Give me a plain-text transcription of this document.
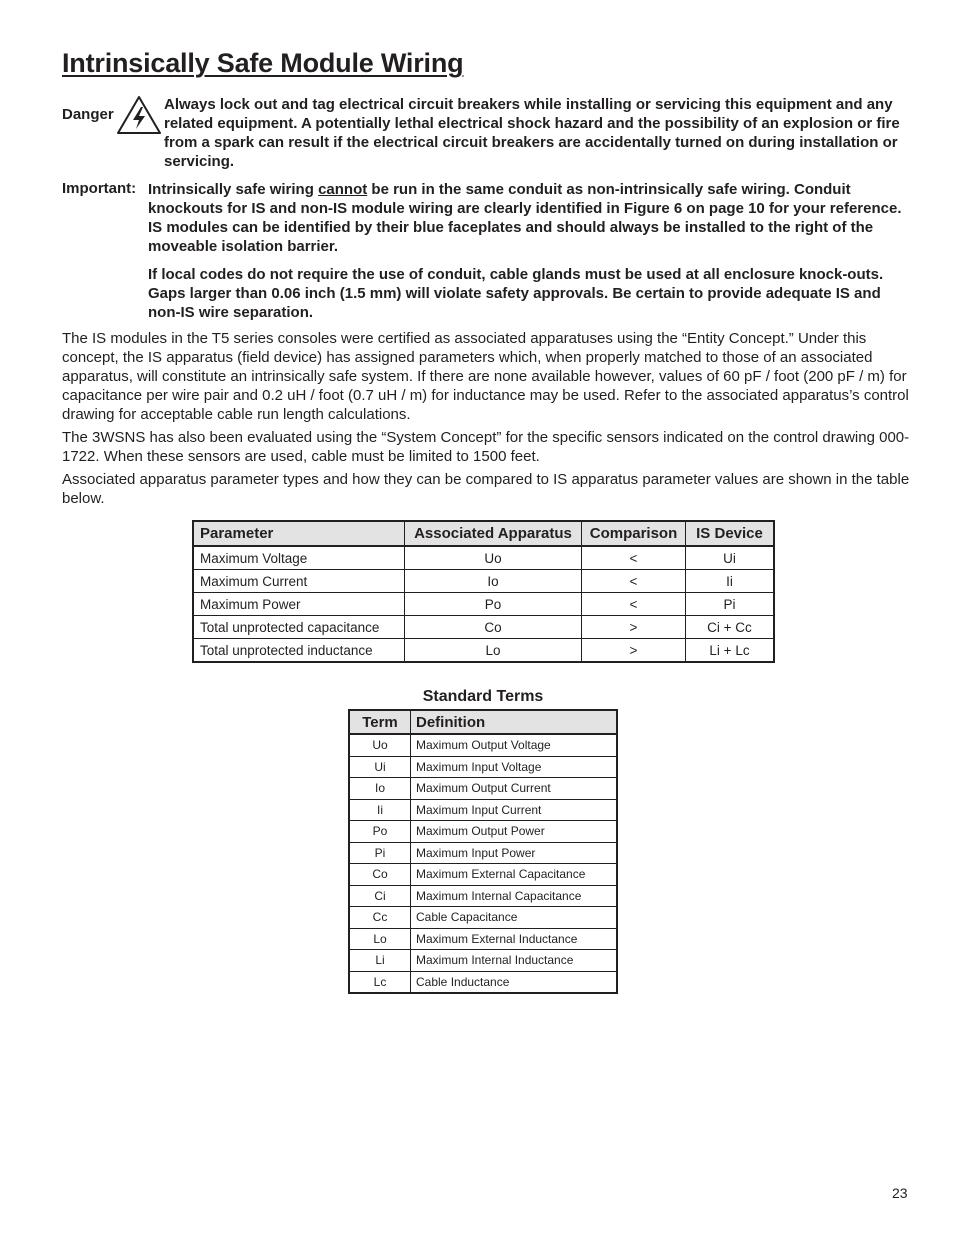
Intrinsically Safe Module Wiring
Danger
Always lock out and tag electrical circuit breakers while installing or servicing this equipment and any related equipment. A potentially lethal electrical shock hazard and the possibility of an explosion or fire from a spark can result if the electrical circuit breakers are accidentally turned on during installation or servicing.
Important: Intrinsically safe wiring cannot be run in the same conduit as non-intrinsically safe wiring. Conduit knockouts for IS and non-IS module wiring are clearly identified in Figure 6 on page 10 for your reference. IS modules can be identified by their blue faceplates and should always be installed to the right of the moveable isolation barrier.

If local codes do not require the use of conduit, cable glands must be used at all enclosure knock-outs. Gaps larger than 0.06 inch (1.5 mm) will violate safety approvals. Be certain to provide adequate IS and non-IS wire separation.

The IS modules in the T5 series consoles were certified as associated apparatuses using the “Entity Concept.” Under this concept, the IS apparatus (field device) has assigned parameters which, when properly matched to those of an associated apparatus, will constitute an intrinsically safe system. If there are none available however, values of 60 pF / foot (200 pF / m) for capacitance per wire pair and 0.2 uH / foot (0.7 uH / m) for inductance may be used. Refer to the associated apparatus’s control drawing for acceptable cable run length calculations.

The 3WSNS has also been evaluated using the “System Concept” for the specific sensors indicated on the control drawing 000-1722. When these sensors are used, cable must be limited to 1500 feet.

Associated apparatus parameter types and how they can be compared to IS apparatus parameter values are shown in the table below.

Parameter	Associated Apparatus	Comparison	IS Device
Maximum Voltage	Uo	<	Ui
Maximum Current	Io	<	Ii
Maximum Power	Po	<	Pi
Total unprotected capacitance	Co	>	Ci + Cc
Total unprotected inductance	Lo	>	Li + Lc
Standard Terms
Term	Definition
Uo	Maximum Output Voltage
Ui	Maximum Input Voltage
Io	Maximum Output Current
Ii	Maximum Input Current
Po	Maximum Output Power
Pi	Maximum Input Power
Co	Maximum External Capacitance
Ci	Maximum Internal Capacitance
Cc	Cable Capacitance
Lo	Maximum External Inductance
Li	Maximum Internal Inductance
Lc	Cable Inductance
23
